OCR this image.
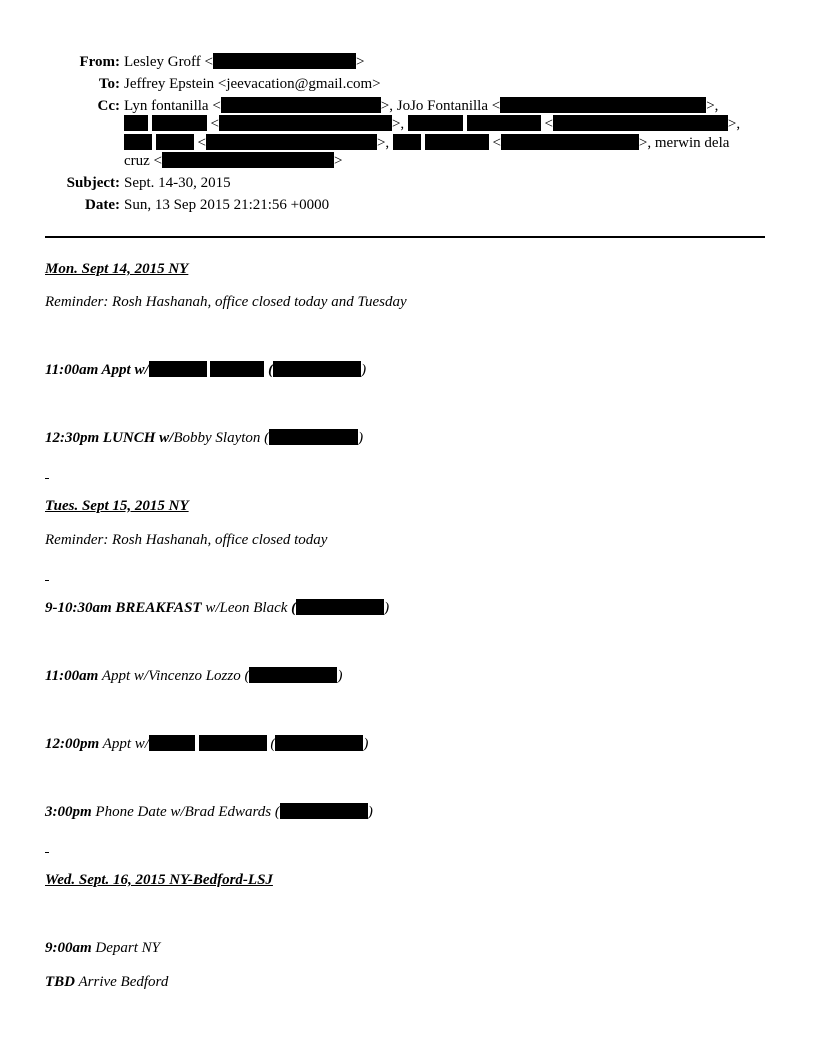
From: Lesley Groff <	>
To: Jeffrey Epstein <jeevacation@gmail.com>
Cc: Lyn fontanilla <	>, JoJo Fontanilla <	>,
<	>,	<	>,
<	>,	<	>, merwin dela
cruz <	>
Subject: Sept. 14-30, 2015
Date: Sun, 13 Sep 2015 21:21:56 +0000
Mon. Sept 14, 2015 NY
Reminder: Rosh Hashanah, office closed today and Tuesday
11:00am Appt w/	(	)
12:30pm LUNCH w/Bobby Slayton (	)
Tues. Sept 15, 2015 NY
Reminder: Rosh Hashanah, office closed today
9-10:30am BREAKFAST w/Leon Black (	)
11:00am Appt w/Vincenzo Lozzo (	)
12:00pm Appt w/	(	)
3:00pm Phone Date w/Brad Edwards (	)
Wed. Sept. 16, 2015 NY-Bedford-LSJ
9:00am Depart NY
TBD Arrive Bedford
